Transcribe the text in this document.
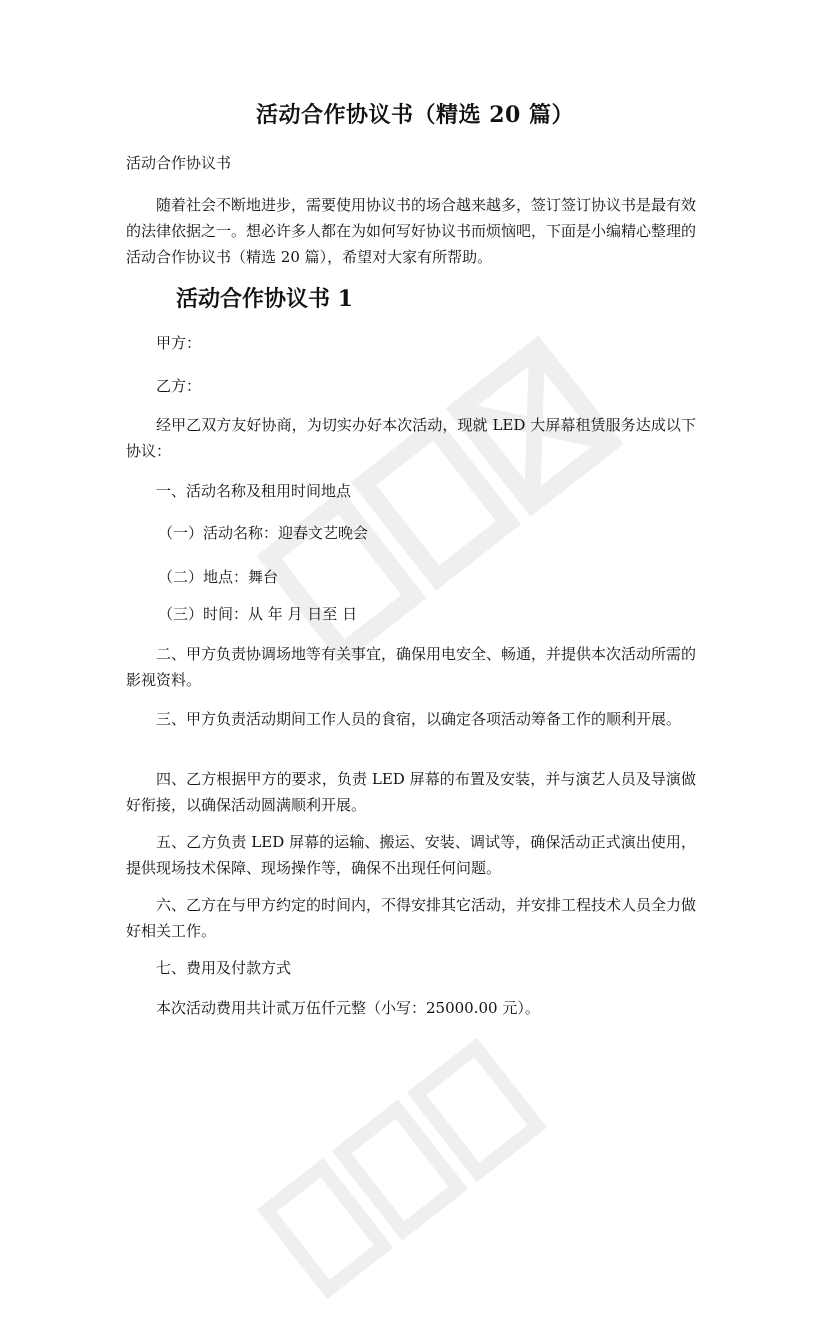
活动合作协议书（精选 20 篇）
活动合作协议书
随着社会不断地进步，需要使用协议书的场合越来越多，签订签订协议书是最有效的法律依据之一。想必许多人都在为如何写好协议书而烦恼吧，下面是小编精心整理的活动合作协议书（精选 20 篇），希望对大家有所帮助。
活动合作协议书 1
甲方：
乙方：
经甲乙双方友好协商，为切实办好本次活动，现就 LED 大屏幕租赁服务达成以下协议：
一、活动名称及租用时间地点
（一）活动名称：迎春文艺晚会
（二）地点：舞台
（三）时间：从 年 月 日至 日
二、甲方负责协调场地等有关事宜，确保用电安全、畅通，并提供本次活动所需的影视资料。
三、甲方负责活动期间工作人员的食宿，以确定各项活动筹备工作的顺利开展。
四、乙方根据甲方的要求，负责 LED 屏幕的布置及安装，并与演艺人员及导演做好衔接，以确保活动圆满顺利开展。
五、乙方负责 LED 屏幕的运输、搬运、安装、调试等，确保活动正式演出使用，提供现场技术保障、现场操作等，确保不出现任何问题。
六、乙方在与甲方约定的时间内，不得安排其它活动，并安排工程技术人员全力做好相关工作。
七、费用及付款方式
本次活动费用共计贰万伍仟元整（小写：25000.00 元）。
